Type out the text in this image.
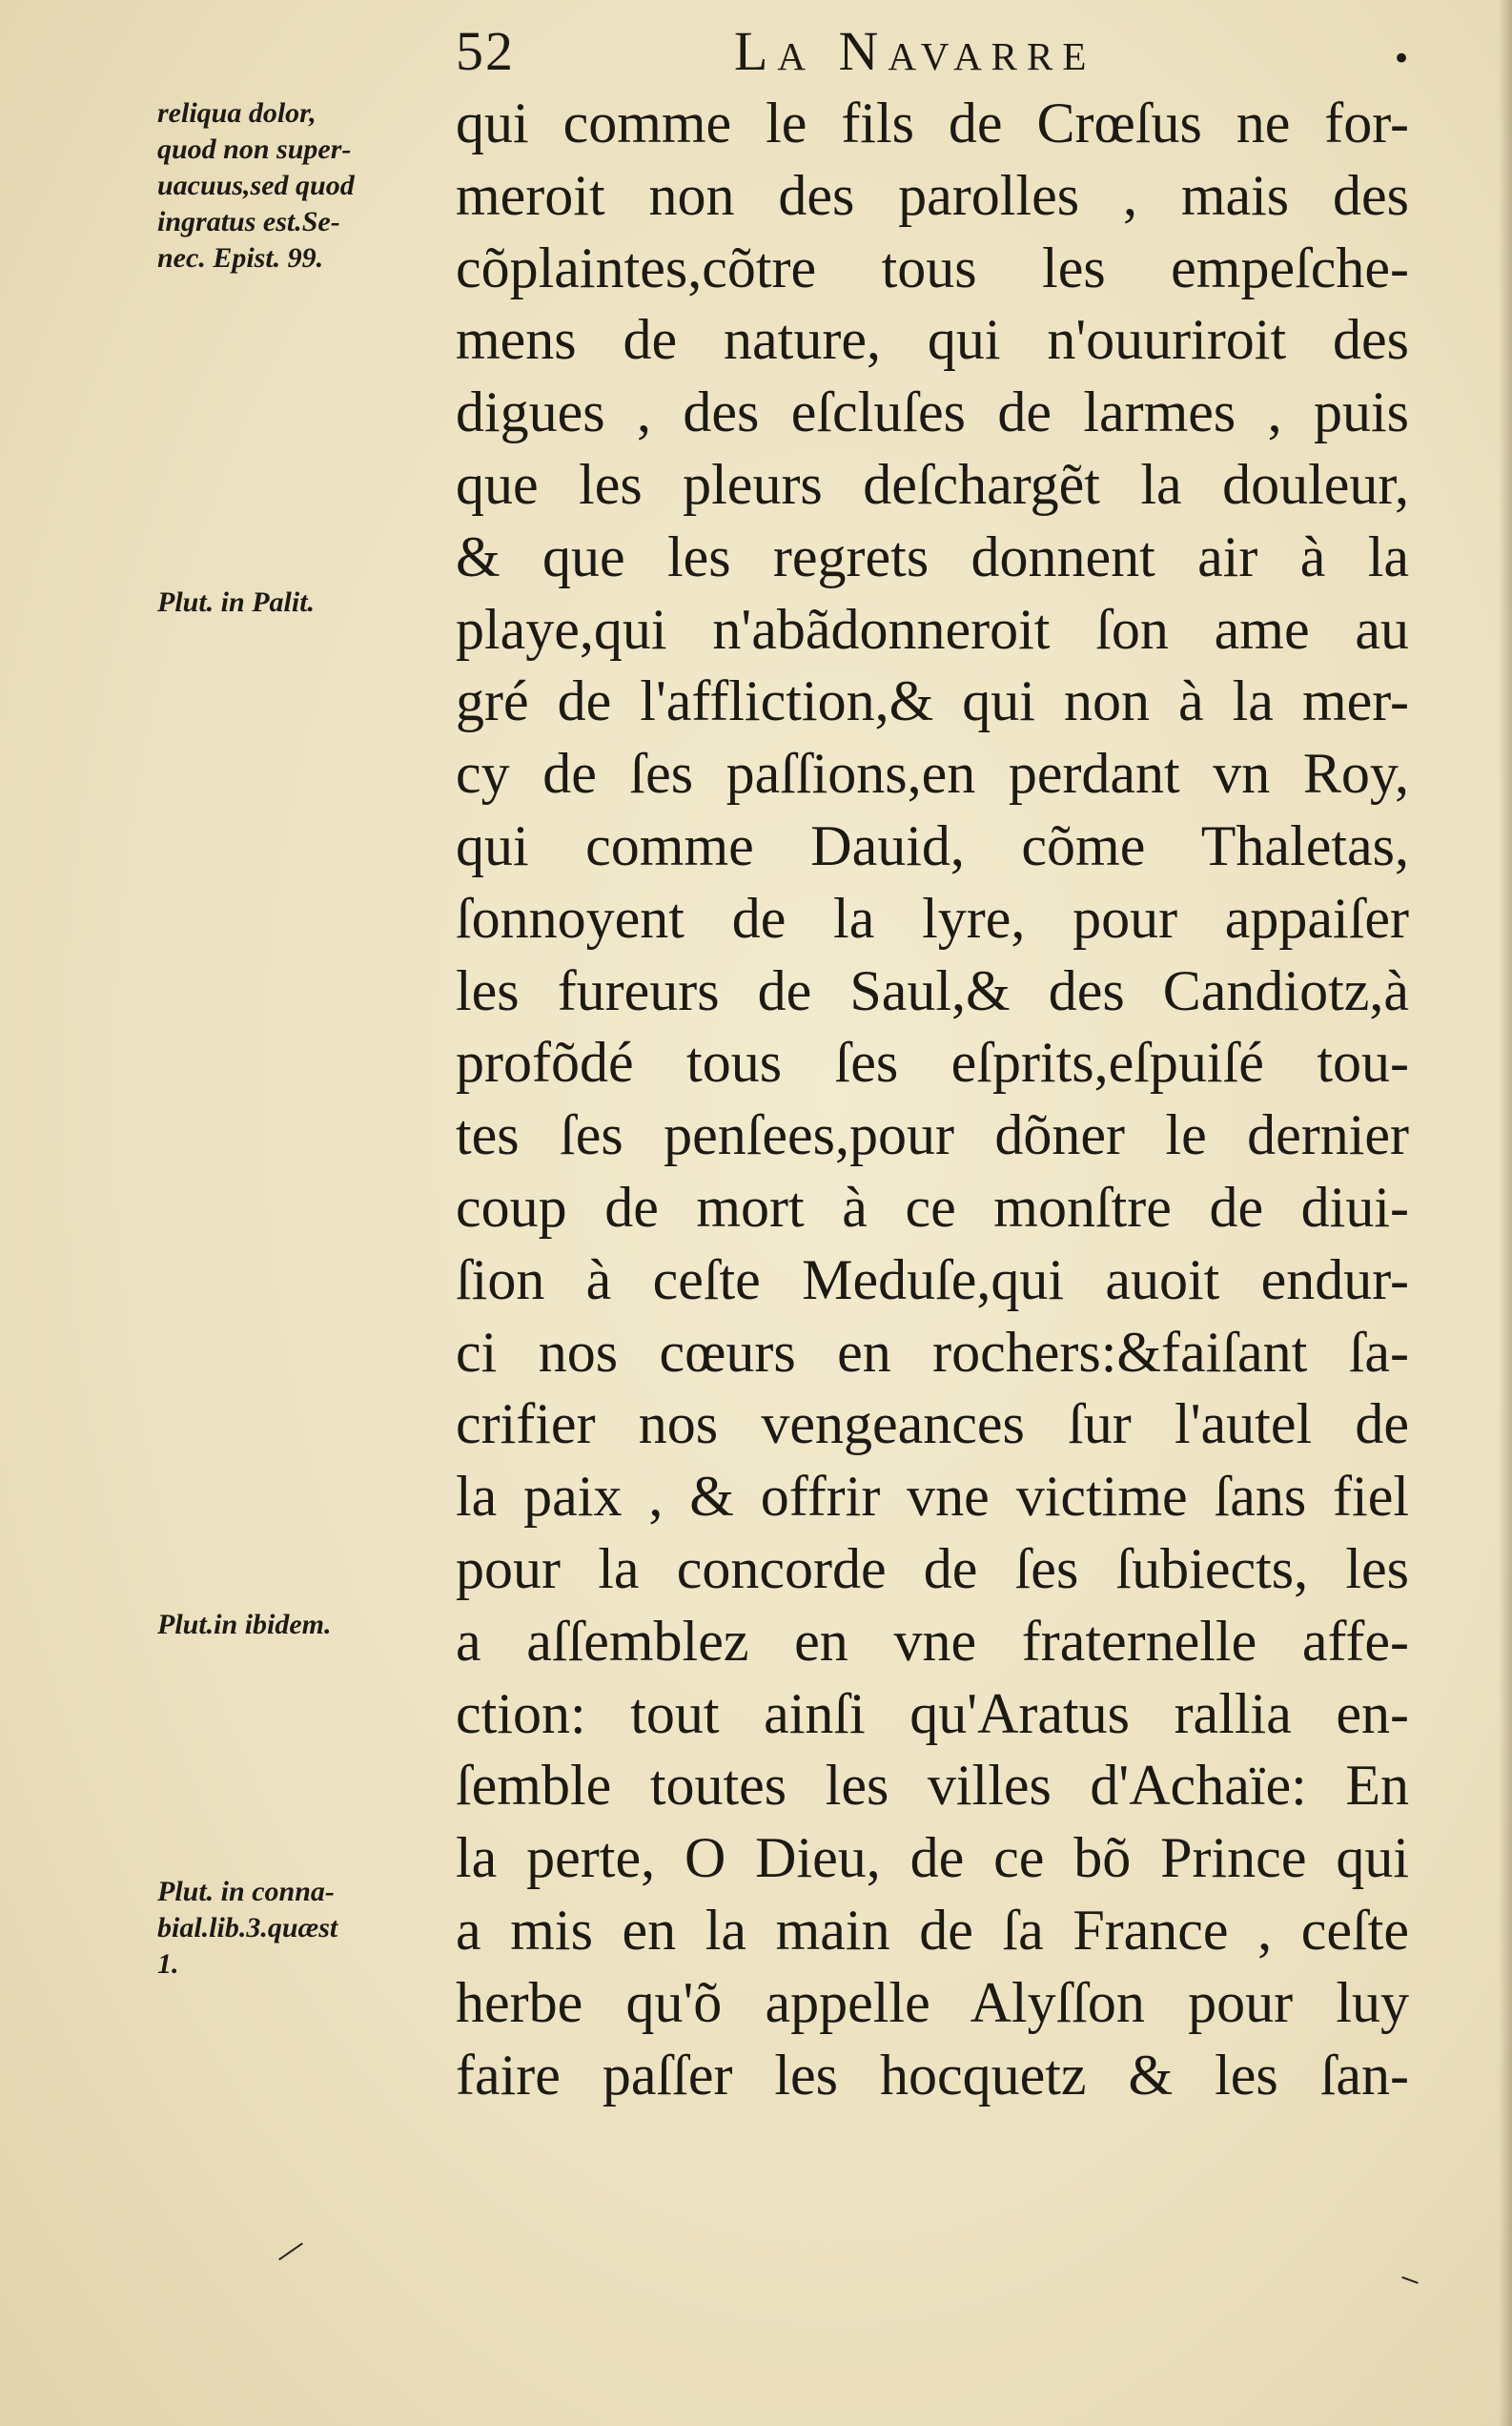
52	La Navarre	•
reliqua dolor,
quod non super-
uacuus,sed quod
ingratus est.Se-
nec. Epist. 99.
Plut. in Palit.
Plut.in ibidem.
Plut. in conna-
bial.lib.3.quæst
1.
qui comme le fils de Crœſus ne for-
meroit non des parolles , mais des
cõplaintes,cõtre tous les empeſche-
mens de nature, qui n'ouuriroit des
digues , des eſcluſes de larmes , puis
que les pleurs deſchargẽt la douleur,
& que les regrets donnent air à la
playe,qui n'abãdonneroit ſon ame au
gré de l'affliction,& qui non à la mer-
cy de ſes paſſions,en perdant vn Roy,
qui comme Dauid, cõme Thaletas,
ſonnoyent de la lyre, pour appaiſer
les fureurs de Saul,& des Candiotz,à
profõdé tous ſes eſprits,eſpuiſé tou-
tes ſes penſees,pour dõner le dernier
coup de mort à ce monſtre de diui-
ſion à ceſte Meduſe,qui auoit endur-
ci nos cœurs en rochers:&faiſant ſa-
crifier nos vengeances ſur l'autel de
la paix , & offrir vne victime ſans fiel
pour la concorde de ſes ſubiects, les
a aſſemblez en vne fraternelle affe-
ction: tout ainſi qu'Aratus rallia en-
ſemble toutes les villes d'Achaïe: En
la perte, O Dieu, de ce bõ Prince qui
a mis en la main de ſa France , ceſte
herbe qu'õ appelle Alyſſon pour luy
faire paſſer les hocquetz & les ſan-
